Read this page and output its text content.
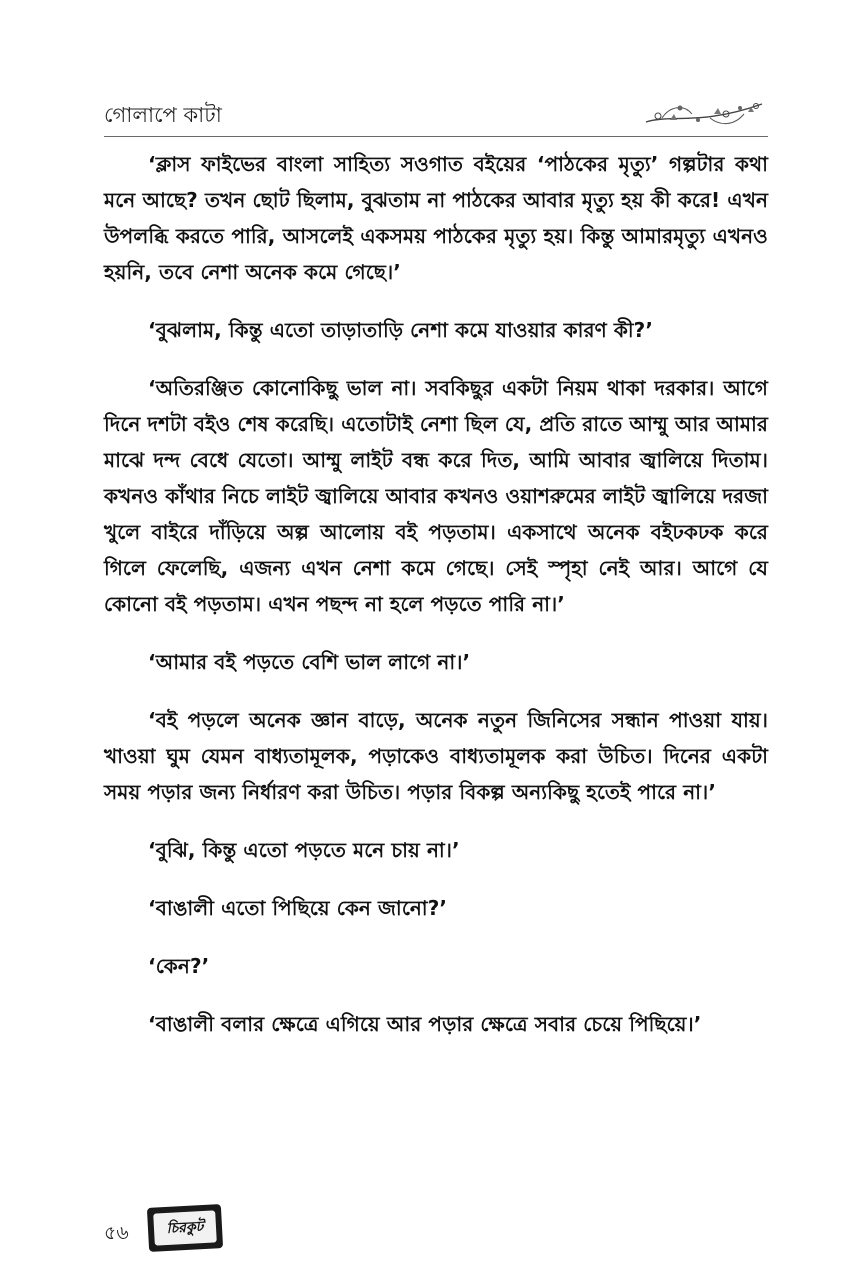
গোলাপে কাটা

‘ক্লাস ফাইভের বাংলা সাহিত্য সওগাত বইয়ের ‘পাঠকের মৃত্যু’ গল্পটার কথা মনে আছে? তখন ছোট ছিলাম, বুঝতাম না পাঠকের আবার মৃত্যু হয় কী করে! এখন উপলব্ধি করতে পারি, আসলেই একসময় পাঠকের মৃত্যু হয়। কিন্তু আমারমৃত্যু এখনও হয়নি, তবে নেশা অনেক কমে গেছে।’

‘বুঝলাম, কিন্তু এতো তাড়াতাড়ি নেশা কমে যাওয়ার কারণ কী?’

‘অতিরঞ্জিত কোনোকিছু ভাল না। সবকিছুর একটা নিয়ম থাকা দরকার। আগে দিনে দশটা বইও শেষ করেছি। এতোটাই নেশা ছিল যে, প্রতি রাতে আম্মু আর আমার মাঝে দন্দ বেধে যেতো। আম্মু লাইট বন্ধ করে দিত, আমি আবার জ্বালিয়ে দিতাম। কখনও কাঁথার নিচে লাইট জ্বালিয়ে আবার কখনও ওয়াশরুমের লাইট জ্বালিয়ে দরজা খুলে বাইরে দাঁড়িয়ে অল্প আলোয় বই পড়তাম। একসাথে অনেক বইঢকঢক করে গিলে ফেলেছি, এজন্য এখন নেশা কমে গেছে। সেই স্পৃহা নেই আর। আগে যে কোনো বই পড়তাম। এখন পছন্দ না হলে পড়তে পারি না।’

‘আমার বই পড়তে বেশি ভাল লাগে না।’

‘বই পড়লে অনেক জ্ঞান বাড়ে, অনেক নতুন জিনিসের সন্ধান পাওয়া যায়। খাওয়া ঘুম যেমন বাধ্যতামূলক, পড়াকেও বাধ্যতামূলক করা উচিত। দিনের একটা সময় পড়ার জন্য নির্ধারণ করা উচিত। পড়ার বিকল্প অন্যকিছু হতেই পারে না।’

‘বুঝি, কিন্তু এতো পড়তে মনে চায় না।’

‘বাঙালী এতো পিছিয়ে কেন জানো?’

‘কেন?’

‘বাঙালী বলার ক্ষেত্রে এগিয়ে আর পড়ার ক্ষেত্রে সবার চেয়ে পিছিয়ে।’

৫৬	চিরকুট
